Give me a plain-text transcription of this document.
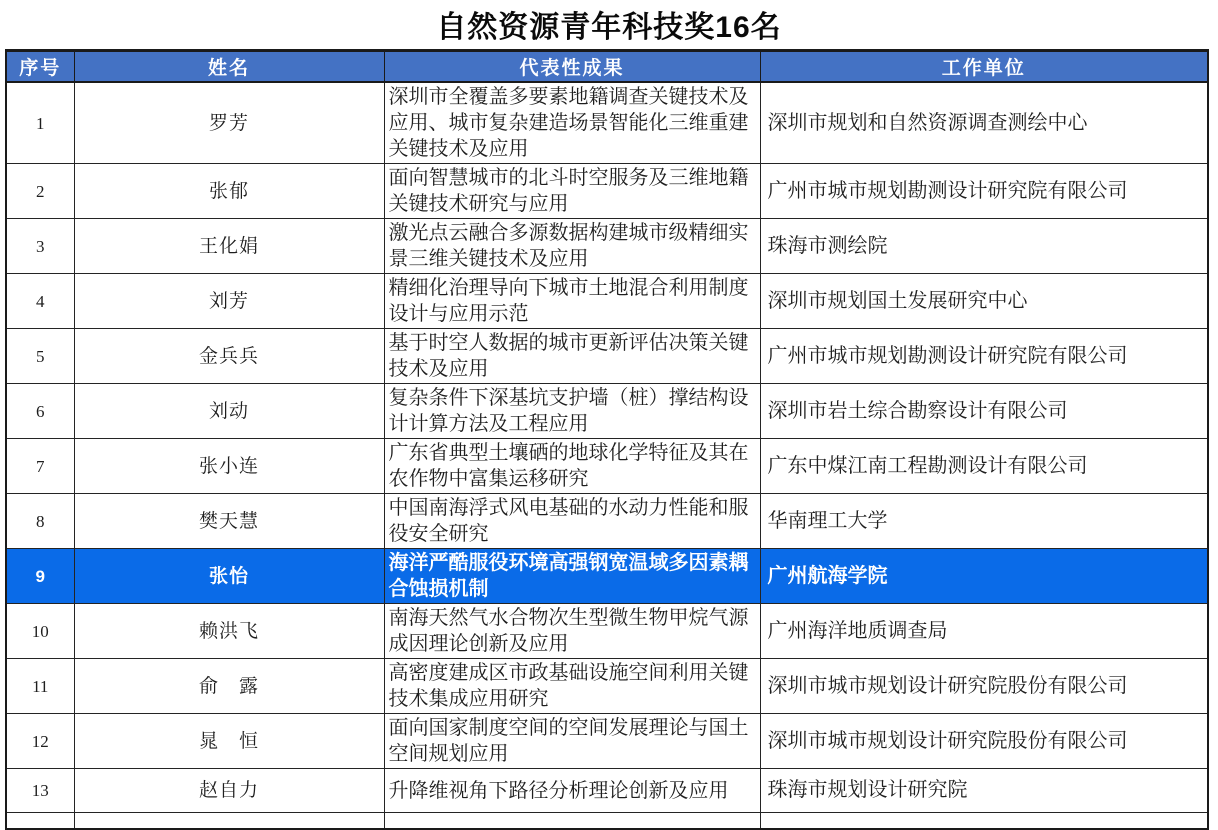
自然资源青年科技奖16名
序号	姓名	代表性成果	工作单位
1	罗芳	深圳市全覆盖多要素地籍调查关键技术及应用、城市复杂建造场景智能化三维重建关键技术及应用	深圳市规划和自然资源调查测绘中心
2	张郁	面向智慧城市的北斗时空服务及三维地籍关键技术研究与应用	广州市城市规划勘测设计研究院有限公司
3	王化娟	激光点云融合多源数据构建城市级精细实景三维关键技术及应用	珠海市测绘院
4	刘芳	精细化治理导向下城市土地混合利用制度设计与应用示范	深圳市规划国土发展研究中心
5	金兵兵	基于时空人数据的城市更新评估决策关键技术及应用	广州市城市规划勘测设计研究院有限公司
6	刘动	复杂条件下深基坑支护墙（桩）撑结构设计计算方法及工程应用	深圳市岩土综合勘察设计有限公司
7	张小连	广东省典型土壤硒的地球化学特征及其在农作物中富集运移研究	广东中煤江南工程勘测设计有限公司
8	樊天慧	中国南海浮式风电基础的水动力性能和服役安全研究	华南理工大学
9	张怡	海洋严酷服役环境高强钢宽温域多因素耦合蚀损机制	广州航海学院
10	赖洪飞	南海天然气水合物次生型微生物甲烷气源成因理论创新及应用	广州海洋地质调查局
11	俞　露	高密度建成区市政基础设施空间利用关键技术集成应用研究	深圳市城市规划设计研究院股份有限公司
12	晁　恒	面向国家制度空间的空间发展理论与国土空间规划应用	深圳市城市规划设计研究院股份有限公司
13	赵自力	升降维视角下路径分析理论创新及应用	珠海市规划设计研究院
